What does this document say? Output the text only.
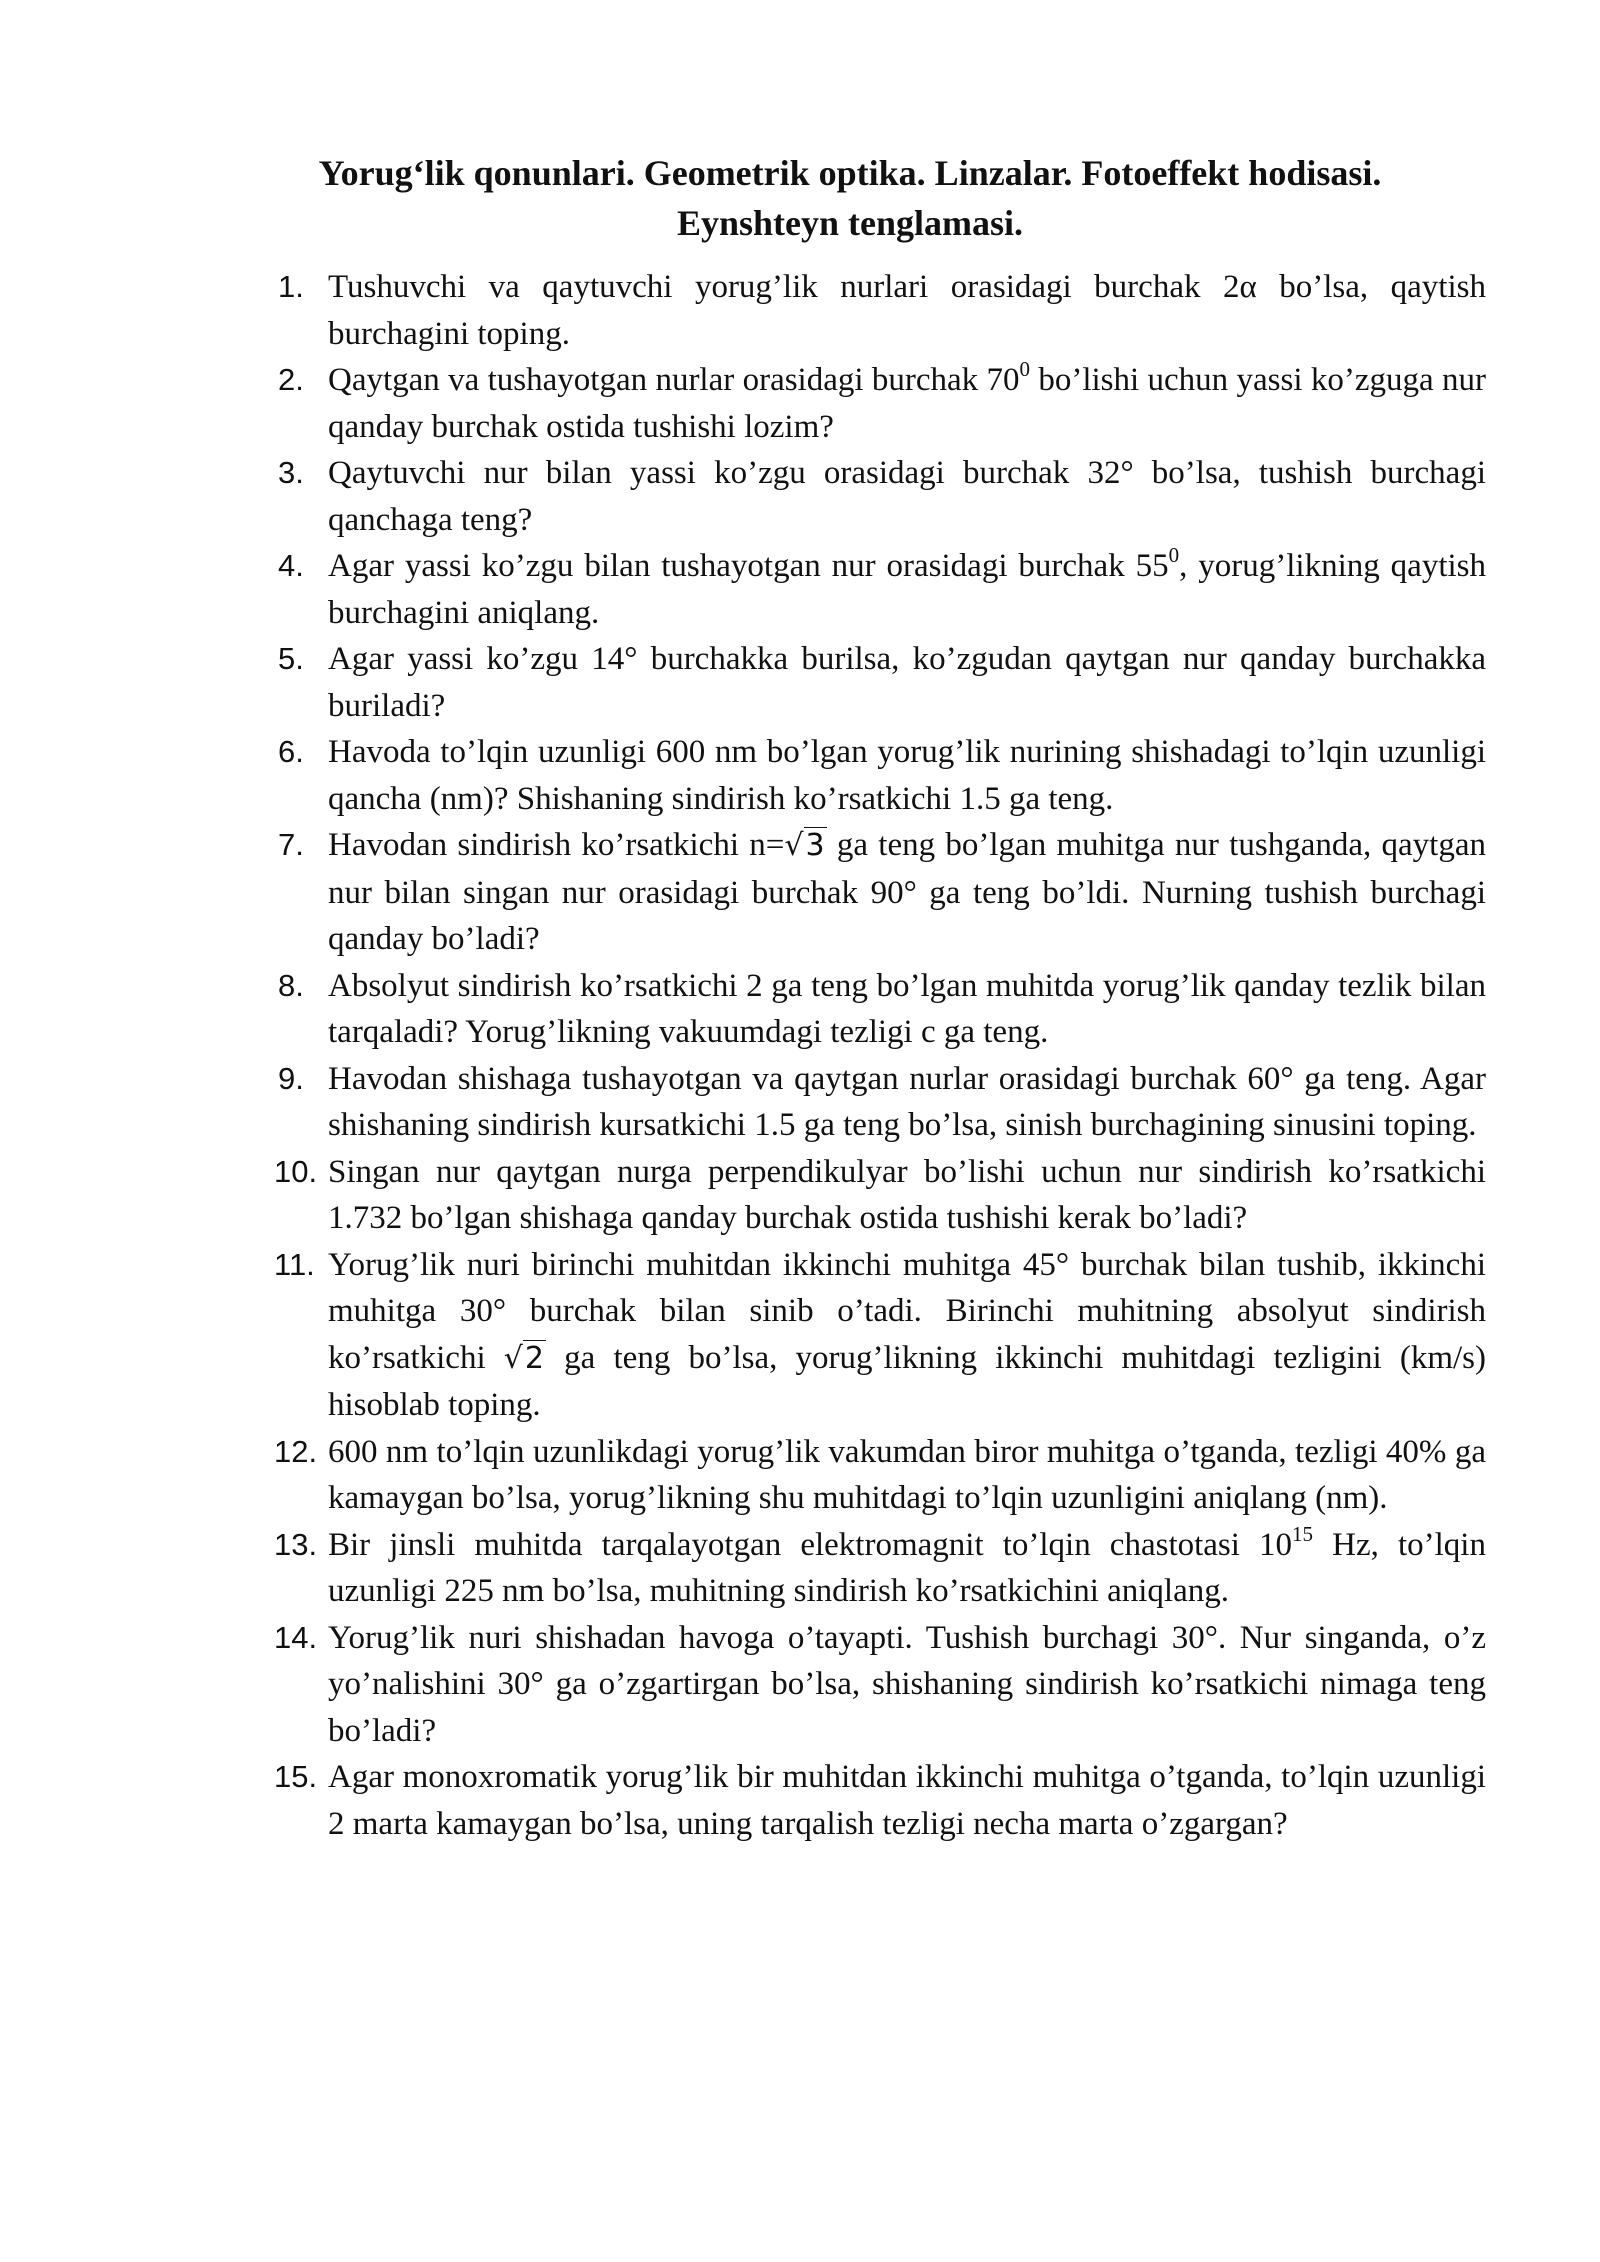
Yorug‘lik qonunlari. Geometrik optika. Linzalar. Fotoeffekt hodisasi.
Eynshteyn tenglamasi.
1. Tushuvchi va qaytuvchi yorug’lik nurlari orasidagi burchak 2α bo’lsa, qaytish burchagini toping.
2. Qaytgan va tushayotgan nurlar orasidagi burchak $70^0$ bo’lishi uchun yassi ko’zguga nur qanday burchak ostida tushishi lozim?
3. Qaytuvchi nur bilan yassi ko’zgu orasidagi burchak 32° bo’lsa, tushish burchagi qanchaga teng?
4. Agar yassi ko’zgu bilan tushayotgan nur orasidagi burchak $55^0$, yorug’likning qaytish burchagini aniqlang.
5. Agar yassi ko’zgu 14° burchakka burilsa, ko’zgudan qaytgan nur qanday burchakka buriladi?
6. Havoda to’lqin uzunligi 600 nm bo’lgan yorug’lik nurining shishadagi to’lqin uzunligi qancha (nm)? Shishaning sindirish ko’rsatkichi 1.5 ga teng.
7. Havodan sindirish ko’rsatkichi n=√3 ga teng bo’lgan muhitga nur tushganda, qaytgan nur bilan singan nur orasidagi burchak 90° ga teng bo’ldi. Nurning tushish burchagi qanday bo’ladi?
8. Absolyut sindirish ko’rsatkichi 2 ga teng bo’lgan muhitda yorug’lik qanday tezlik bilan tarqaladi? Yorug’likning vakuumdagi tezligi c ga teng.
9. Havodan shishaga tushayotgan va qaytgan nurlar orasidagi burchak 60° ga teng. Agar shishaning sindirish kursatkichi 1.5 ga teng bo’lsa, sinish burchagining sinusini toping.
10. Singan nur qaytgan nurga perpendikulyar bo’lishi uchun nur sindirish ko’rsatkichi 1.732 bo’lgan shishaga qanday burchak ostida tushishi kerak bo’ladi?
11. Yorug’lik nuri birinchi muhitdan ikkinchi muhitga 45° burchak bilan tushib, ikkinchi muhitga 30° burchak bilan sinib o’tadi. Birinchi muhitning absolyut sindirish ko’rsatkichi √2 ga teng bo’lsa, yorug’likning ikkinchi muhitdagi tezligini (km/s) hisoblab toping.
12. 600 nm to’lqin uzunlikdagi yorug’lik vakumdan biror muhitga o’tganda, tezligi 40% ga kamaygan bo’lsa, yorug’likning shu muhitdagi to’lqin uzunligini aniqlang (nm).
13. Bir jinsli muhitda tarqalayotgan elektromagnit to’lqin chastotasi $10^{15}$ Hz, to’lqin uzunligi 225 nm bo’lsa, muhitning sindirish ko’rsatkichini aniqlang.
14. Yorug’lik nuri shishadan havoga o’tayapti. Tushish burchagi 30°. Nur singanda, o’z yo’nalishini 30° ga o’zgartirgan bo’lsa, shishaning sindirish ko’rsatkichi nimaga teng bo’ladi?
15. Agar monoxromatik yorug’lik bir muhitdan ikkinchi muhitga o’tganda, to’lqin uzunligi 2 marta kamaygan bo’lsa, uning tarqalish tezligi necha marta o’zgargan?
